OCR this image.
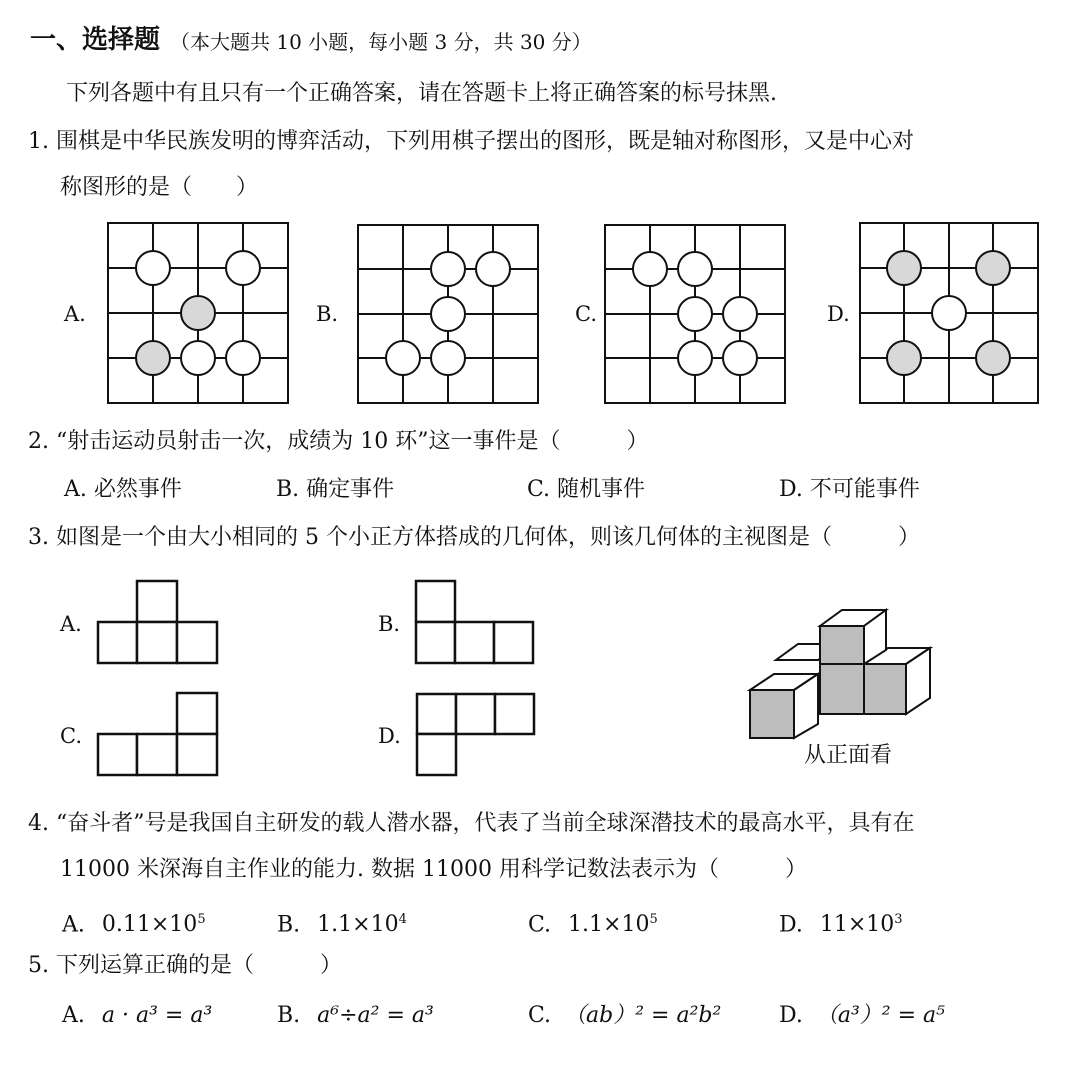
一、选择题 （本大题共 10 小题，每小题 3 分，共 30 分）
下列各题中有且只有一个正确答案，请在答题卡上将正确答案的标号抹黑.
1. 围棋是中华民族发明的博弈活动，下列用棋子摆出的图形，既是轴对称图形，又是中心对
称图形的是（　　）
A.	B.	C.	D.
2. “射击运动员射击一次，成绩为 10 环”这一事件是（　　　）
A. 必然事件	B. 确定事件	C. 随机事件	D. 不可能事件
3. 如图是一个由大小相同的 5 个小正方体搭成的几何体，则该几何体的主视图是（　　　）
A.	B.
C.	D.
从正面看
4. “奋斗者”号是我国自主研发的载人潜水器，代表了当前全球深潜技术的最高水平，具有在
11000 米深海自主作业的能力. 数据 11000 用科学记数法表示为（　　　）
A. $0.11\times 10^5$	B. $1.1\times 10^4$	C. $1.1\times 10^5$	D. $11\times 10^3$
5. 下列运算正确的是（　　　）
A. a · a³ = a³	B. a⁶÷a² = a³	C. （ab）² = a²b²	D. （a³）² = a⁵
